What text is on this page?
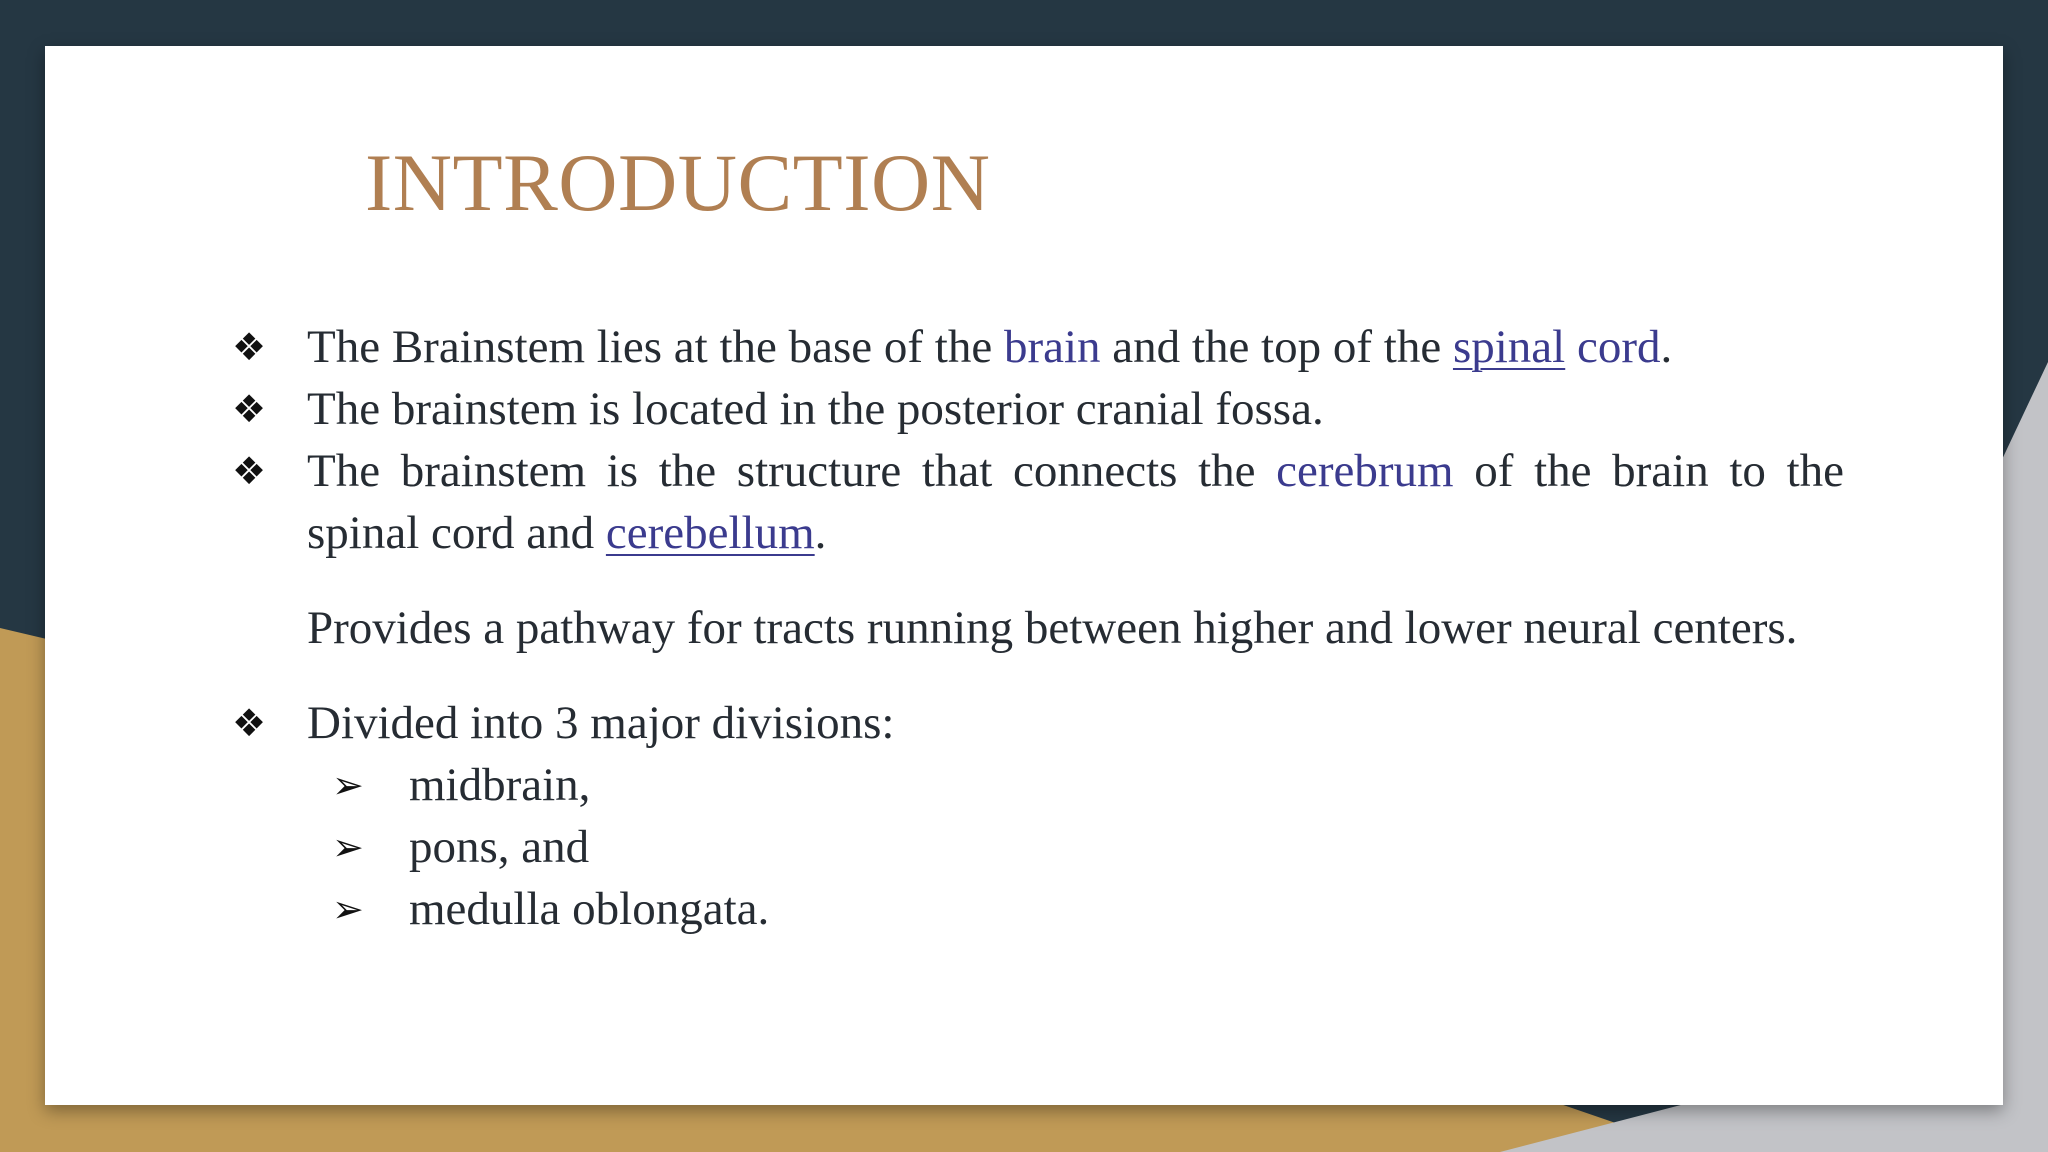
INTRODUCTION
❖ The Brainstem lies at the base of the brain and the top of the spinal cord.
❖ The brainstem is located in the posterior cranial fossa.
❖ The brainstem is the structure that connects the cerebrum of the brain to the spinal cord and cerebellum.
Provides a pathway for tracts running between higher and lower neural centers.
❖ Divided into 3 major divisions:
➢ midbrain,
➢ pons, and
➢ medulla oblongata.
